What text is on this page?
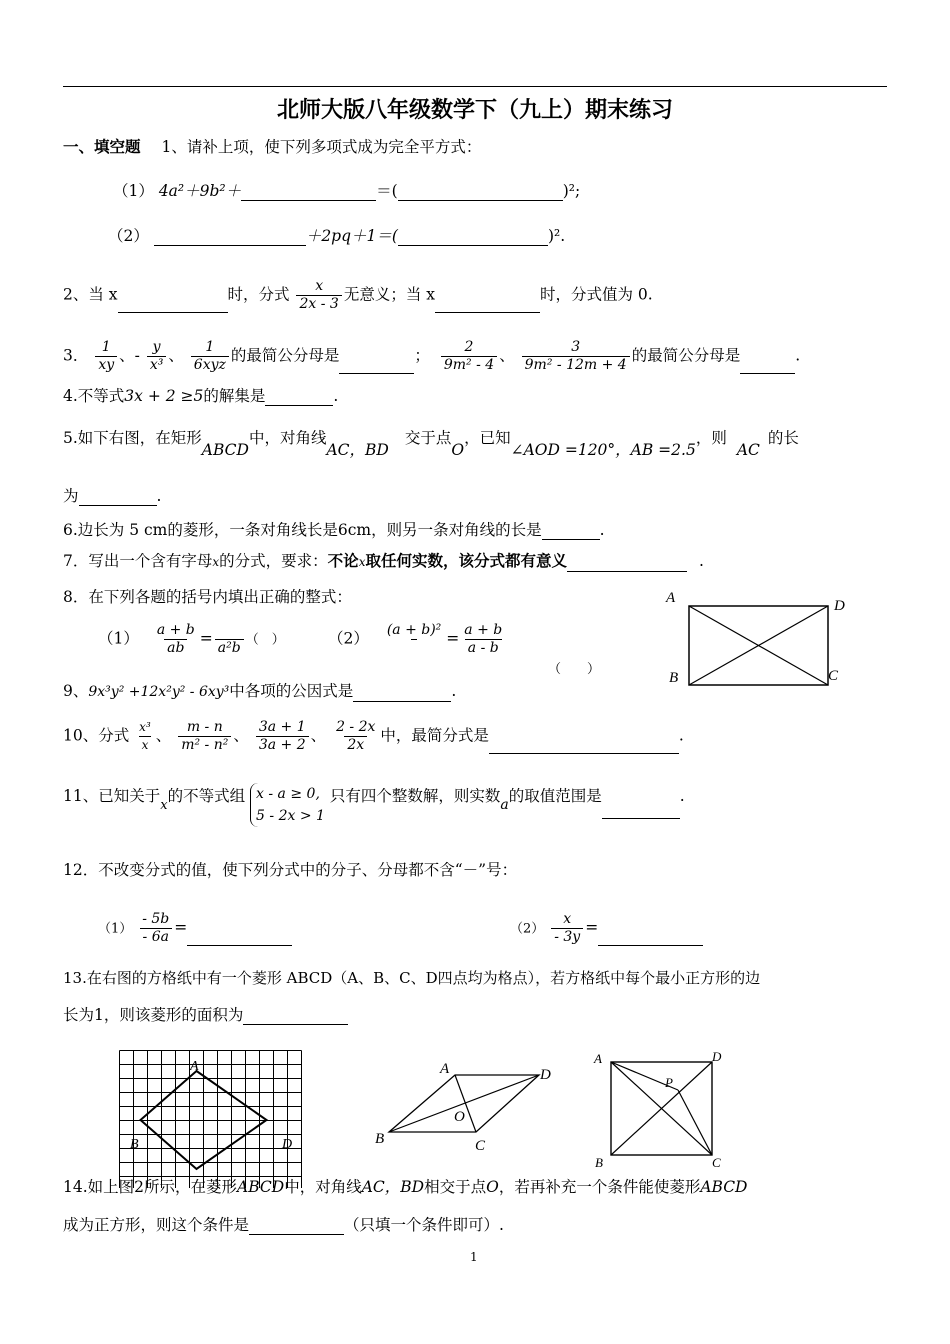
北师大版八年级数学下（九上）期末练习
一、填空题 1、请补上项，使下列多项式成为完全平方式：
（1） 4a²＋9b²＋	＝(	)²;
（2）	＋2pq＋1＝(	)².
2、当 x	时，分式 $\frac{x}{2x - 3}$ 无意义；当 x	时，分式值为 0.
3． $\frac{1}{xy}$ 、- $\frac{y}{\text{x³}}$ 、 $\frac{1}{\text{6xyz}}$ 的最简公分母是	； $\frac{2}{\text{9m² - 4}}$ 、 $\frac{3}{\text{9m² - 12m + 4}}$ 的最简公分母是	.
4.不等式3x + 2 ≥5的解集是	.
5.如下右图，在矩形ABCD中，对角线AC，BD交于点O，已知∠AOD =120°，AB =2.5，则AC的长
为	.
6.边长为 5 cm的菱形，一条对角线长是6cm，则另一条对角线的长是	.
7．写出一个含有字母x的分式，要求：不论x取任何实数，该分式都有意义	.
8．在下列各题的括号内填出正确的整式：
$(1) \frac{a + b}{ab}$ =
a²b （　）	（2） $(a + b)^2 = \frac{a + b}{a - b}$
（　　）
A	D
B	C
9、9x³y² +12x²y² - 6xy³中各项的公因式是	.
10、分式 $\frac{\text{x³}}{x}$ 、 $\frac{m - n}{\text{m² - n²}}$ 、 $\frac{3a + 1}{3a + 2}$ 、 $\frac{2 - 2x}{2x}$ 中，最简分式是	.
11、已知关于x的不等式组 x - a ≥ 0,
5 - 2x > 1 只有四个整数解，则实数a的取值范围是	.
12．不改变分式的值，使下列分式中的分子、分母都不含“－”号：
$(1) \frac{- 5b}{- 6a}$ =	$(2) \frac{x}{- 3y}$ =
13.在右图的方格纸中有一个菱形 ABCD（A、B、C、D四点均为格点），若方格纸中每个最小正方形的边
长为1，则该菱形的面积为
A
B	D
A	D
O
B	C
A	D
P
B	C
14.如上图2所示，在菱形ABCD中，对角线AC，BD相交于点O，若再补充一个条件能使菱形ABCD
成为正方形，则这个条件是	（只填一个条件即可）.
1
